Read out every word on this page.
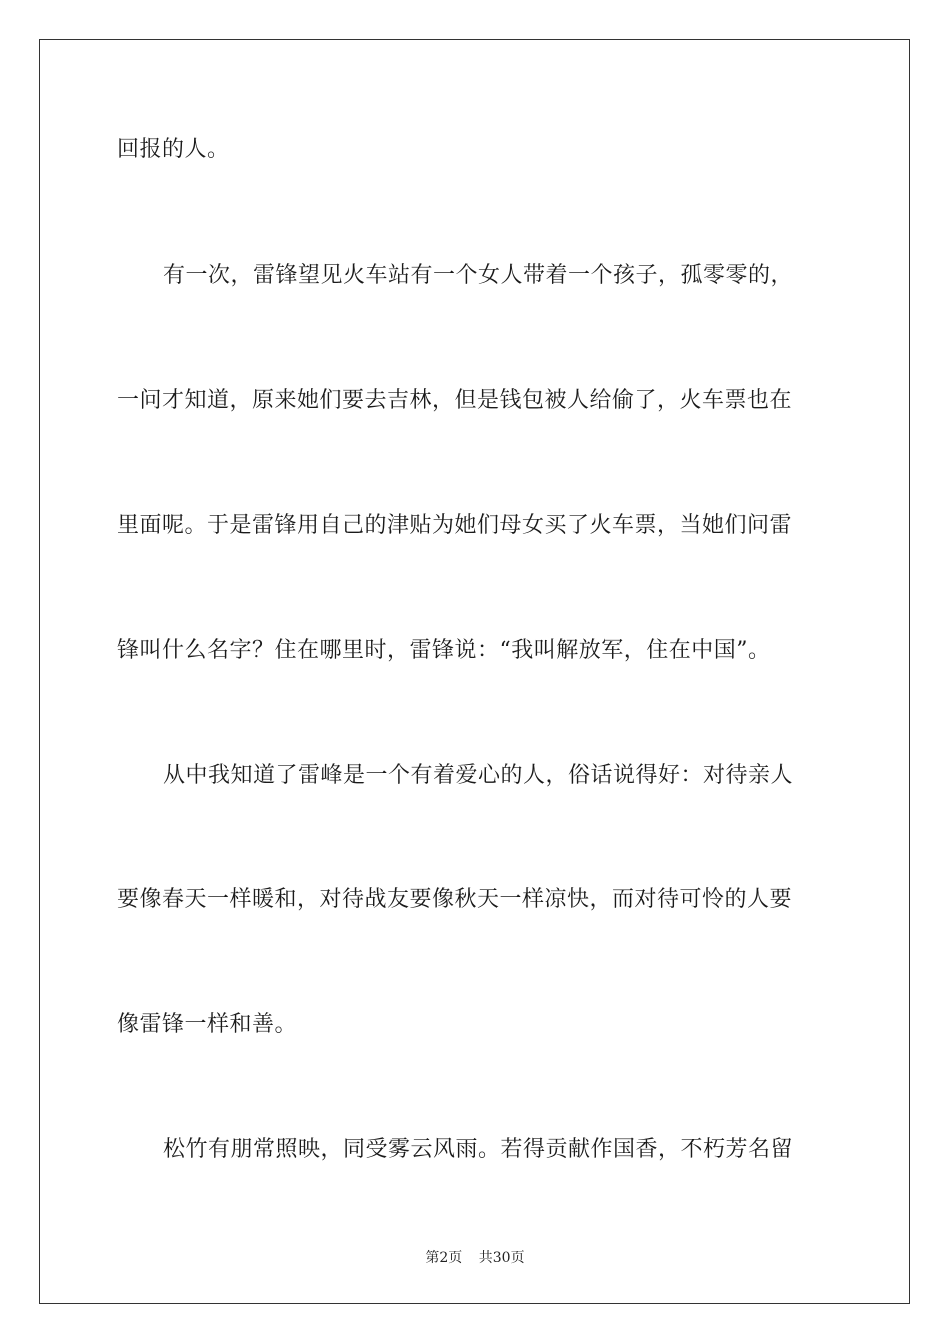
回报的人。
有一次，雷锋望见火车站有一个女人带着一个孩子，孤零零的，
一问才知道，原来她们要去吉林，但是钱包被人给偷了，火车票也在
里面呢。于是雷锋用自己的津贴为她们母女买了火车票，当她们问雷
锋叫什么名字？住在哪里时，雷锋说：“我叫解放军，住在中国”。
从中我知道了雷峰是一个有着爱心的人，俗话说得好：对待亲人
要像春天一样暖和，对待战友要像秋天一样凉快，而对待可怜的人要
像雷锋一样和善。
松竹有朋常照映，同受雾云风雨。若得贡献作国香，不朽芳名留
第2页 共30页
